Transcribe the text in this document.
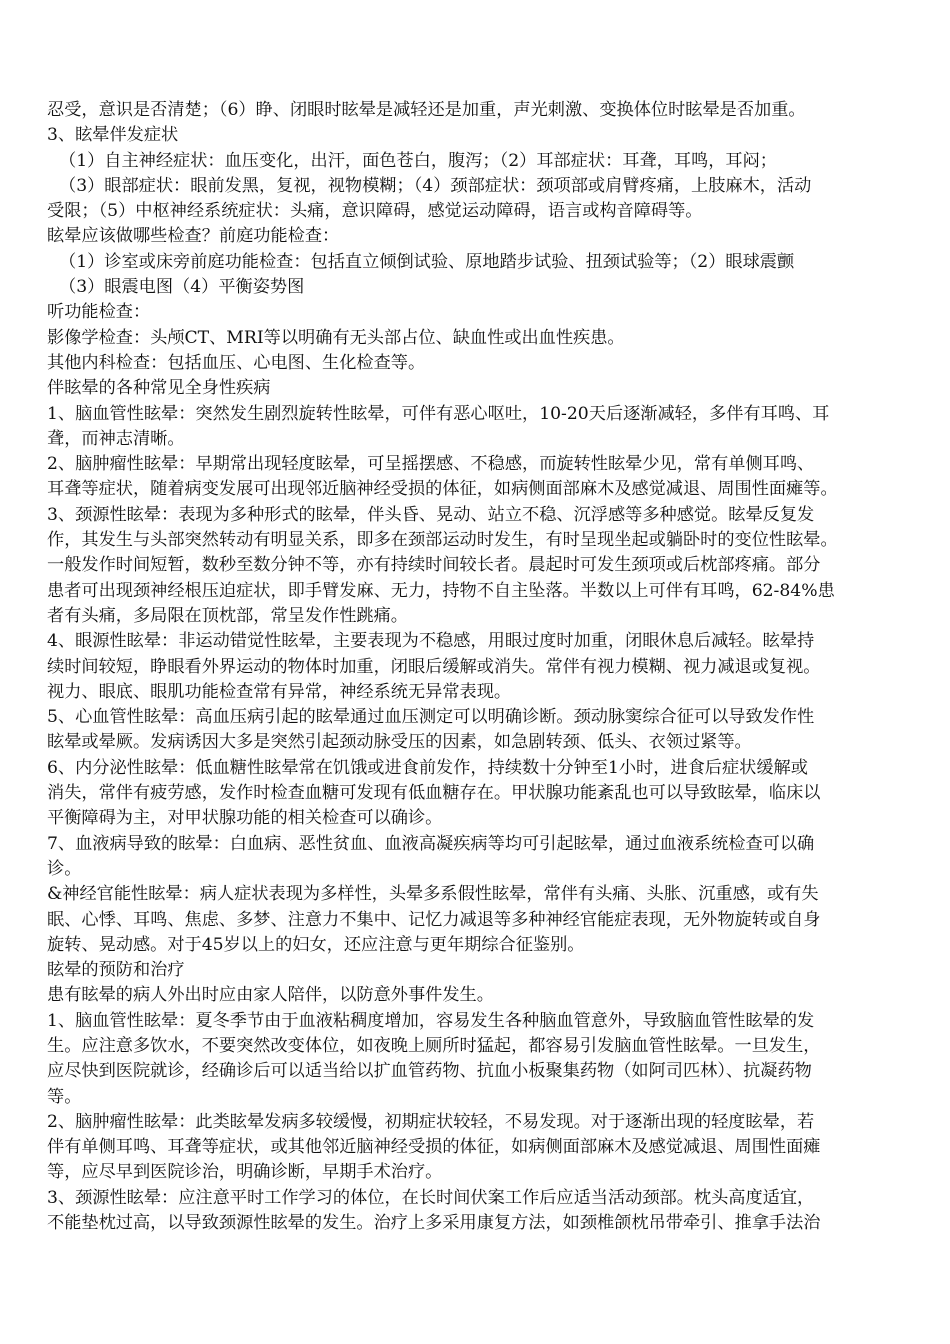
忍受，意识是否清楚；（6）睁、闭眼时眩晕是减轻还是加重，声光刺激、变换体位时眩晕是否加重。
3、眩晕伴发症状
（1）自主神经症状：血压变化，出汗，面色苍白，腹泻；（2）耳部症状：耳聋，耳鸣，耳闷；
（3）眼部症状：眼前发黑，复视，视物模糊；（4）颈部症状：颈项部或肩臂疼痛，上肢麻木，活动
受限；（5）中枢神经系统症状：头痛，意识障碍，感觉运动障碍，语言或构音障碍等。
眩晕应该做哪些检查？前庭功能检查：
（1）诊室或床旁前庭功能检查：包括直立倾倒试验、原地踏步试验、扭颈试验等；（2）眼球震颤
（3）眼震电图（4）平衡姿势图
听功能检查：
影像学检查：头颅CT、MRI等以明确有无头部占位、缺血性或出血性疾患。
其他内科检查：包括血压、心电图、生化检查等。
伴眩晕的各种常见全身性疾病
1、脑血管性眩晕：突然发生剧烈旋转性眩晕，可伴有恶心呕吐，10-20天后逐渐减轻，多伴有耳鸣、耳
聋，而神志清晰。
2、脑肿瘤性眩晕：早期常出现轻度眩晕，可呈摇摆感、不稳感，而旋转性眩晕少见，常有单侧耳鸣、
耳聋等症状，随着病变发展可出现邻近脑神经受损的体征，如病侧面部麻木及感觉减退、周围性面瘫等。
3、颈源性眩晕：表现为多种形式的眩晕，伴头昏、晃动、站立不稳、沉浮感等多种感觉。眩晕反复发
作，其发生与头部突然转动有明显关系，即多在颈部运动时发生，有时呈现坐起或躺卧时的变位性眩晕。
一般发作时间短暂，数秒至数分钟不等，亦有持续时间较长者。晨起时可发生颈项或后枕部疼痛。部分
患者可出现颈神经根压迫症状，即手臂发麻、无力，持物不自主坠落。半数以上可伴有耳鸣，62-84%患
者有头痛，多局限在顶枕部，常呈发作性跳痛。
4、眼源性眩晕：非运动错觉性眩晕，主要表现为不稳感，用眼过度时加重，闭眼休息后减轻。眩晕持
续时间较短，睁眼看外界运动的物体时加重，闭眼后缓解或消失。常伴有视力模糊、视力减退或复视。
视力、眼底、眼肌功能检查常有异常，神经系统无异常表现。
5、心血管性眩晕：高血压病引起的眩晕通过血压测定可以明确诊断。颈动脉窦综合征可以导致发作性
眩晕或晕厥。发病诱因大多是突然引起颈动脉受压的因素，如急剧转颈、低头、衣领过紧等。
6、内分泌性眩晕：低血糖性眩晕常在饥饿或进食前发作，持续数十分钟至1小时，进食后症状缓解或
消失，常伴有疲劳感，发作时检查血糖可发现有低血糖存在。甲状腺功能紊乱也可以导致眩晕，临床以
平衡障碍为主，对甲状腺功能的相关检查可以确诊。
7、血液病导致的眩晕：白血病、恶性贫血、血液高凝疾病等均可引起眩晕，通过血液系统检查可以确
诊。
&神经官能性眩晕：病人症状表现为多样性，头晕多系假性眩晕，常伴有头痛、头胀、沉重感，或有失
眠、心悸、耳鸣、焦虑、多梦、注意力不集中、记忆力减退等多种神经官能症表现，无外物旋转或自身
旋转、晃动感。对于45岁以上的妇女，还应注意与更年期综合征鉴别。
眩晕的预防和治疗
患有眩晕的病人外出时应由家人陪伴，以防意外事件发生。
1、脑血管性眩晕：夏冬季节由于血液粘稠度增加，容易发生各种脑血管意外，导致脑血管性眩晕的发
生。应注意多饮水，不要突然改变体位，如夜晚上厕所时猛起，都容易引发脑血管性眩晕。一旦发生，
应尽快到医院就诊，经确诊后可以适当给以扩血管药物、抗血小板聚集药物（如阿司匹林）、抗凝药物
等。
2、脑肿瘤性眩晕：此类眩晕发病多较缓慢，初期症状较轻，不易发现。对于逐渐出现的轻度眩晕，若
伴有单侧耳鸣、耳聋等症状，或其他邻近脑神经受损的体征，如病侧面部麻木及感觉减退、周围性面瘫
等，应尽早到医院诊治，明确诊断，早期手术治疗。
3、颈源性眩晕：应注意平时工作学习的体位，在长时间伏案工作后应适当活动颈部。枕头高度适宜，
不能垫枕过高，以导致颈源性眩晕的发生。治疗上多采用康复方法，如颈椎颌枕吊带牵引、推拿手法治
